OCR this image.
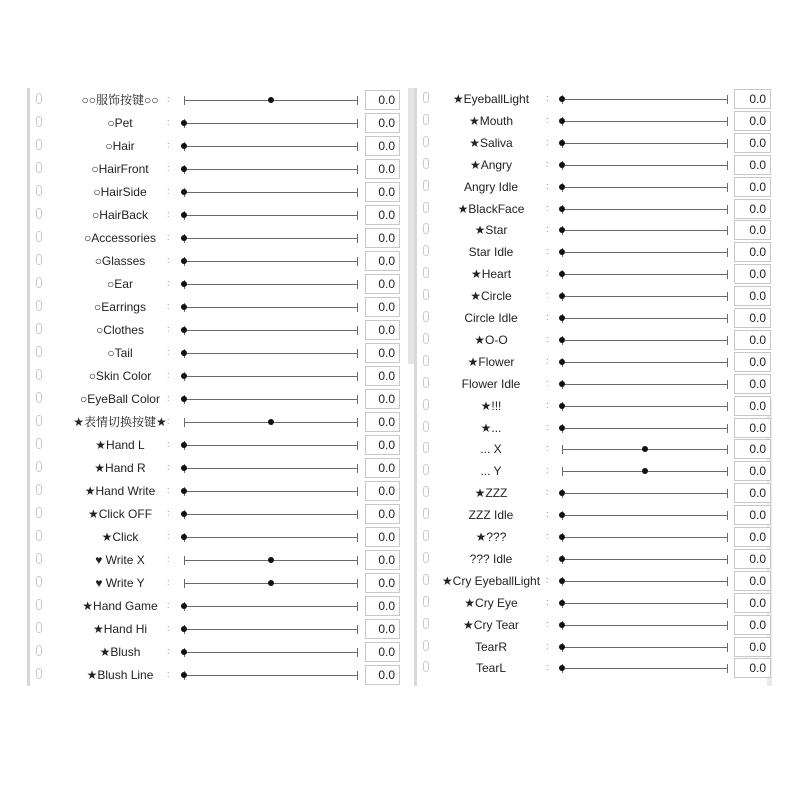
○○服饰按键○○ :	0.0
○Pet	:	0.0
○Hair	:	0.0
○HairFront	:	0.0
○HairSide	:	0.0
○HairBack	:	0.0
○Accessories	:	0.0
○Glasses	:	0.0
○Ear	:	0.0
○Earrings	:	0.0
○Clothes	:	0.0
○Tail	:	0.0
○Skin Color	:	0.0
○EyeBall Color :	0.0
★表情切换按键★ :	0.0
★Hand L	:	0.0
★Hand R	:	0.0
★Hand Write	:	0.0
★Click OFF	:	0.0
★Click	:	0.0
♥ Write X	:	0.0
♥ Write Y	:	0.0
★Hand Game	:	0.0
★Hand Hi	:	0.0
★Blush	:	0.0
★Blush Line	:	0.0
★EyeballLight	:	0.0
★Mouth	:	0.0
★Saliva	:	0.0
★Angry	:	0.0
Angry Idle	:	0.0
★BlackFace	:	0.0
★Star	:	0.0
Star Idle	:	0.0
★Heart	:	0.0
★Circle	:	0.0
Circle Idle	:	0.0
★O-O	:	0.0
★Flower	:	0.0
Flower Idle	:	0.0
★!!!	:	0.0
★...	:	0.0
... X	:	0.0
... Y	:	0.0
★ZZZ	:	0.0
ZZZ Idle	:	0.0
★???	:	0.0
??? Idle	:	0.0
★Cry EyeballLight :	0.0
★Cry Eye	:	0.0
★Cry Tear	:	0.0
TearR	:	0.0
TearL	:	0.0
